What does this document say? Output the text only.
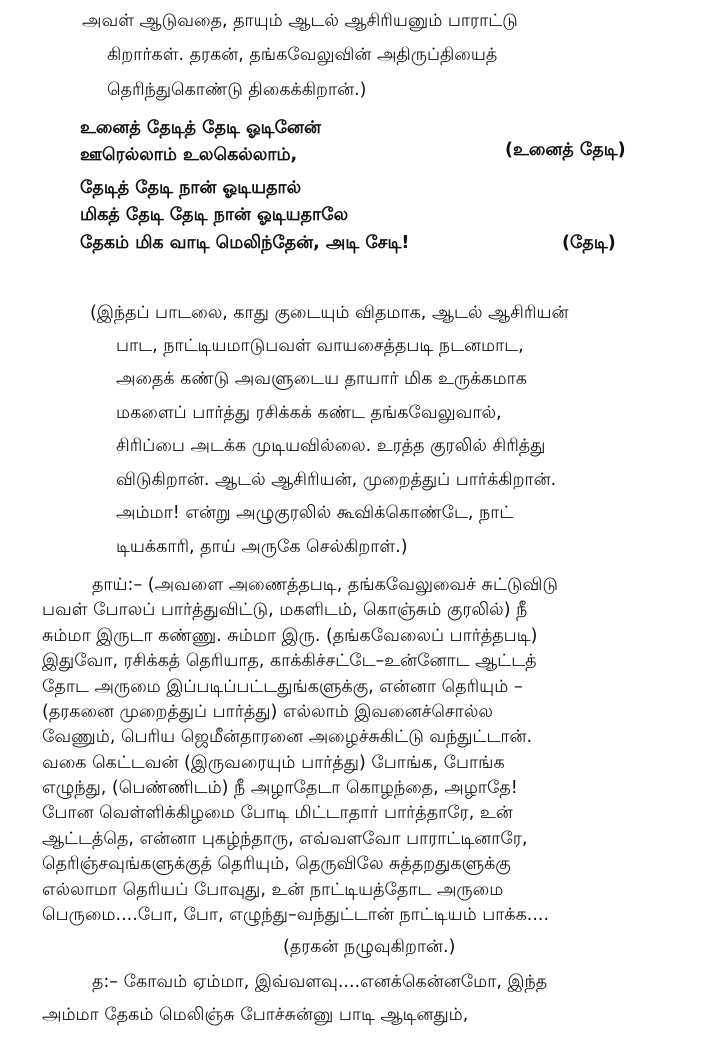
அவள் ஆடுவதை, தாயும் ஆடல் ஆசிரியனும் பாராட்டு
கிறார்கள். தரகன், தங்கவேலுவின் அதிருப்தியைத்
தெரிந்துகொண்டு திகைக்கிறான்.)
உனைத் தேடித் தேடி ஓடினேன்
ஊரெல்லாம் உலகெல்லாம்,	(உனைத் தேடி)
தேடித் தேடி நான் ஓடியதால்
மிகத் தேடி தேடி நான் ஓடியதாலே
தேகம் மிக வாடி மெலிந்தேன், அடி சேடி!	(தேடி)
(இந்தப் பாடலை, காது குடையும் விதமாக, ஆடல் ஆசிரியன்
பாட, நாட்டியமாடுபவள் வாயசைத்தபடி நடனமாட,
அதைக் கண்டு அவளுடைய தாயார் மிக உருக்கமாக
மகளைப் பார்த்து ரசிக்கக் கண்ட தங்கவேலுவால்,
சிரிப்பை அடக்க முடியவில்லை. உரத்த குரலில் சிரித்து
விடுகிறான். ஆடல் ஆசிரியன், முறைத்துப் பார்க்கிறான்.
அம்மா! என்று அழுகுரலில் கூவிக்கொண்டே, நாட்
டியக்காரி, தாய் அருகே செல்கிறாள்.)
தாய்:– (அவளை அணைத்தபடி, தங்கவேலுவைச் சுட்டுவிடு
பவள் போலப் பார்த்துவிட்டு, மகளிடம், கொஞ்சும் குரலில்) நீ
சும்மா இருடா கண்ணு. சும்மா இரு. (தங்கவேலைப் பார்த்தபடி)
இதுவோ, ரசிக்கத் தெரியாத, காக்கிச்சட்டே–உன்னோட ஆட்டத்
தோட அருமை இப்படிப்பட்டதுங்களுக்கு, என்னா தெரியும் –
(தரகனை முறைத்துப் பார்த்து) எல்லாம் இவனைச்சொல்ல
வேணும், பெரிய ஜெமீன்தாரனை அழைச்சுகிட்டு வந்துட்டான்.
வகை கெட்டவன் (இருவரையும் பார்த்து) போங்க, போங்க
எழுந்து, (பெண்ணிடம்) நீ அழாதேடா கொழந்தை, அழாதே!
போன வெள்ளிக்கிழமை போடி மிட்டாதார் பார்த்தாரே, உன்
ஆட்டத்தெ, என்னா புகழ்ந்தாரு, எவ்வளவோ பாராட்டினாரே,
தெரிஞ்சவுங்களுக்குத் தெரியும், தெருவிலே சுத்தறதுகளுக்கு
எல்லாமா தெரியப் போவுது, உன் நாட்டியத்தோட அருமை
பெருமை....போ, போ, எழுந்து–வந்துட்டான் நாட்டியம் பாக்க....
(தரகன் நழுவுகிறான்.)
த:– கோவம் ஏம்மா, இவ்வளவு....எனக்கென்னமோ, இந்த
அம்மா தேகம் மெலிஞ்சு போச்சுன்னு பாடி ஆடினதும்,
